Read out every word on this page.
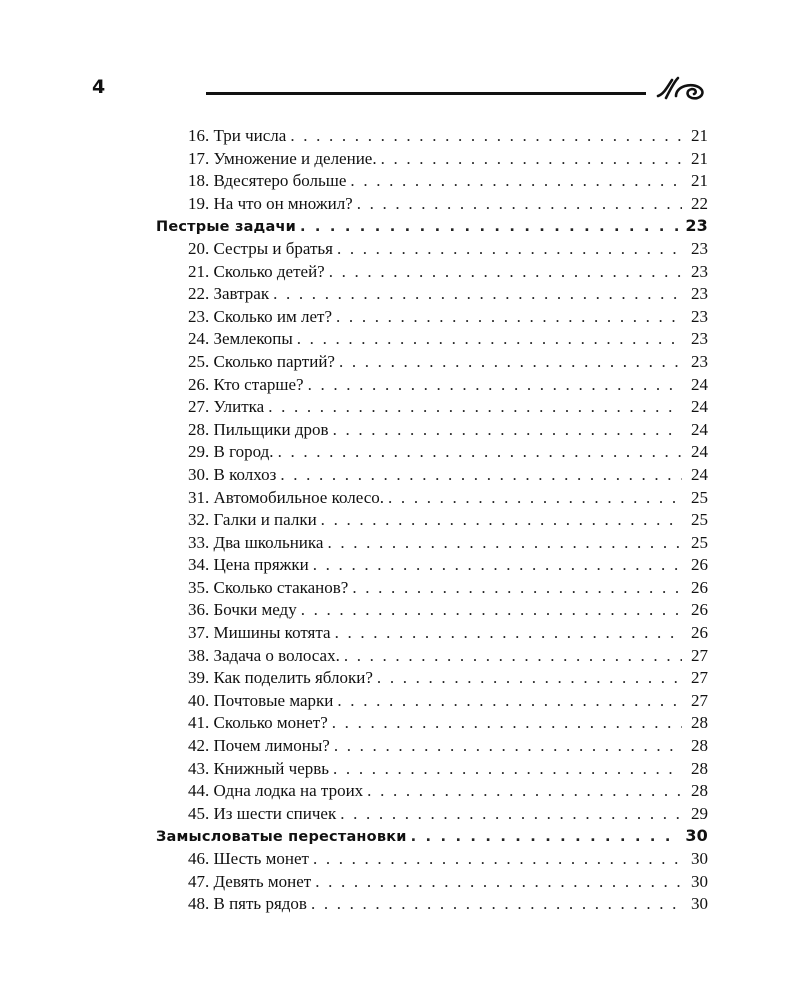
4
16. Три числа . . .	21
17. Умножение и деление. . . .	21
18. Вдесятеро больше . . .	21
19. На что он множил? . . .	22
Пестрые задачи . . .	23
20. Сестры и братья . . .	23
21. Сколько детей? . . .	23
22. Завтрак . . .	23
23. Сколько им лет? . . .	23
24. Землекопы . . .	23
25. Сколько партий? . . .	23
26. Кто старше? . . .	24
27. Улитка . . .	24
28. Пильщики дров . . .	24
29. В город. . . .	24
30. В колхоз . . .	24
31. Автомобильное колесо. . . .	25
32. Галки и палки . . .	25
33. Два школьника . . .	25
34. Цена пряжки . . .	26
35. Сколько стаканов? . . .	26
36. Бочки меду . . .	26
37. Мишины котята . . .	26
38. Задача о волосах. . . .	27
39. Как поделить яблоки? . . .	27
40. Почтовые марки . . .	27
41. Сколько монет? . . .	28
42. Почем лимоны? . . .	28
43. Книжный червь . . .	28
44. Одна лодка на троих . . .	28
45. Из шести спичек . . .	29
Замысловатые перестановки . . .	30
46. Шесть монет . . .	30
47. Девять монет . . .	30
48. В пять рядов . . .	30
